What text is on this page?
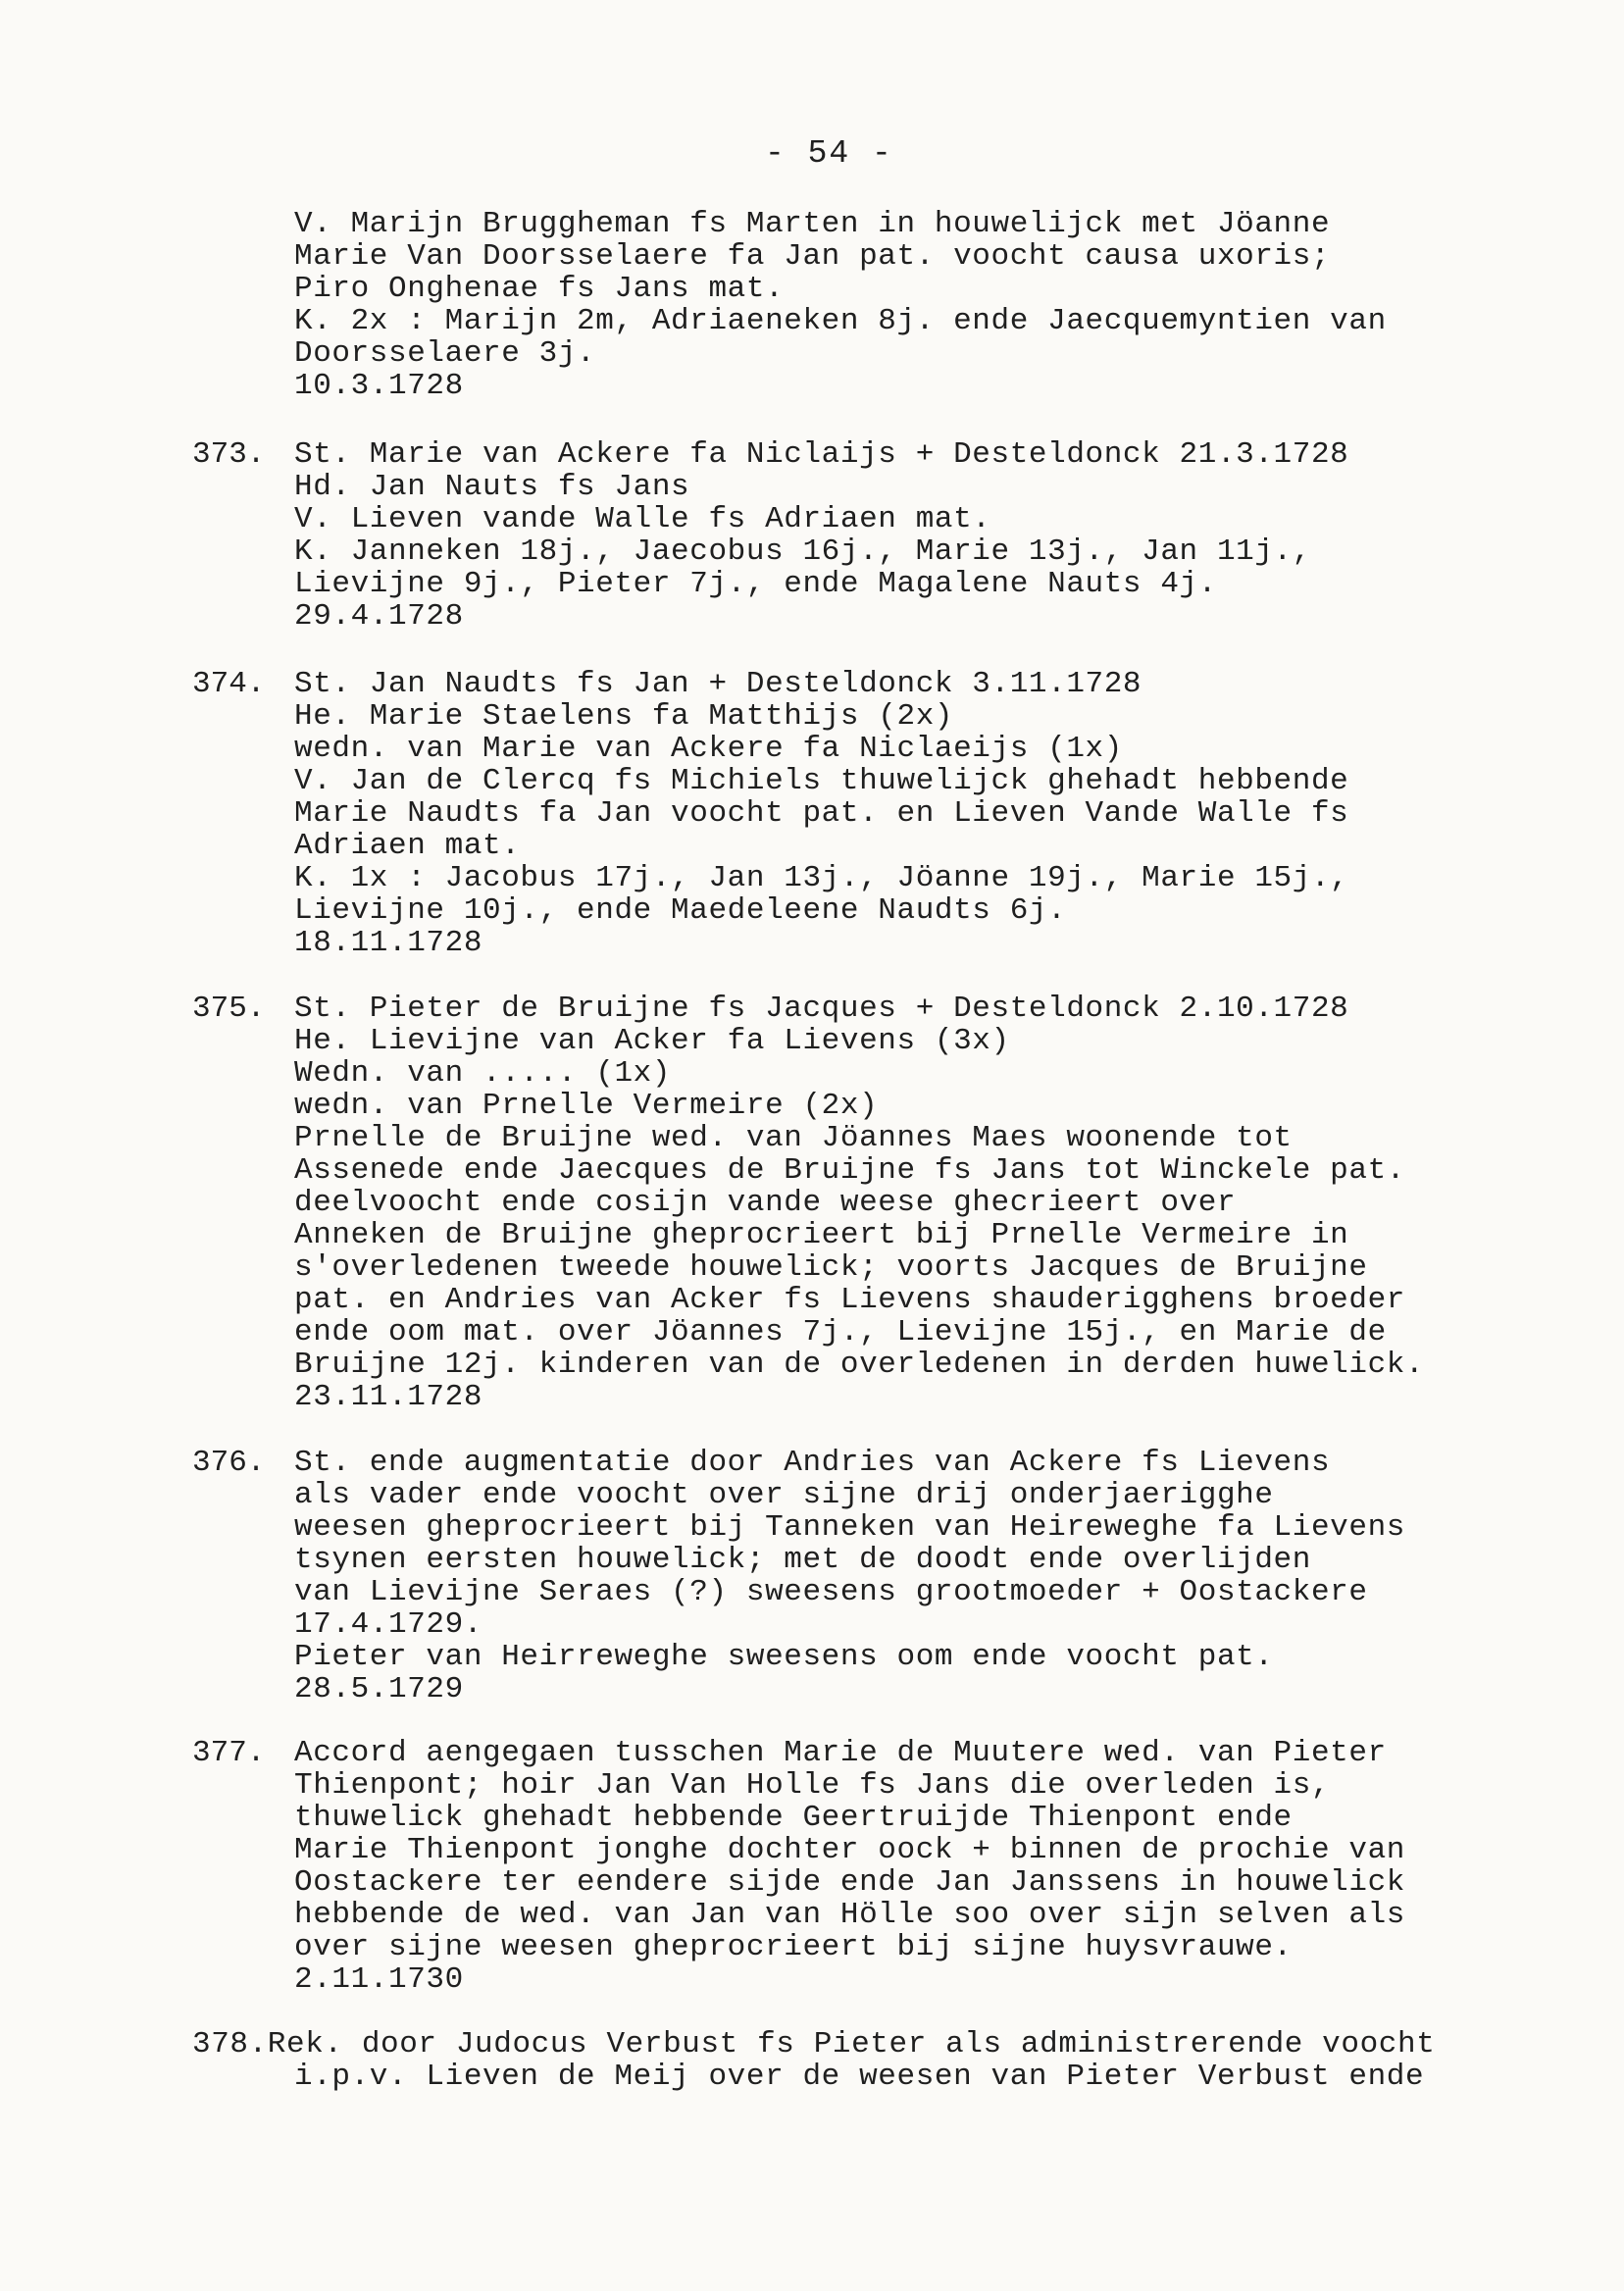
- 54 -
V. Marijn Bruggheman fs Marten in houwelijck met Jöanne
Marie Van Doorsselaere fa Jan pat. voocht causa uxoris;
Piro Onghenae fs Jans mat.
K. 2x : Marijn 2m, Adriaeneken 8j. ende Jaecquemyntien van
Doorsselaere 3j.
10.3.1728
373. St. Marie van Ackere fa Niclaijs + Desteldonck 21.3.1728
Hd. Jan Nauts fs Jans
V. Lieven vande Walle fs Adriaen mat.
K. Janneken 18j., Jaecobus 16j., Marie 13j., Jan 11j.,
Lievijne 9j., Pieter 7j., ende Magalene Nauts 4j.
29.4.1728
374. St. Jan Naudts fs Jan + Desteldonck 3.11.1728
He. Marie Staelens fa Matthijs (2x)
wedn. van Marie van Ackere fa Niclaeijs (1x)
V. Jan de Clercq fs Michiels thuwelijck ghehadt hebbende
Marie Naudts fa Jan voocht pat. en Lieven Vande Walle fs
Adriaen mat.
K. 1x : Jacobus 17j., Jan 13j., Jöanne 19j., Marie 15j.,
Lievijne 10j., ende Maedeleene Naudts 6j.
18.11.1728
375. St. Pieter de Bruijne fs Jacques + Desteldonck 2.10.1728
He. Lievijne van Acker fa Lievens (3x)
Wedn. van ..... (1x)
wedn. van Prnelle Vermeire (2x)
Prnelle de Bruijne wed. van Jöannes Maes woonende tot
Assenede ende Jaecques de Bruijne fs Jans tot Winckele pat.
deelvoocht ende cosijn vande weese ghecrieert over
Anneken de Bruijne gheprocrieert bij Prnelle Vermeire in
s'overledenen tweede houwelick; voorts Jacques de Bruijne
pat. en Andries van Acker fs Lievens shauderigghens broeder
ende oom mat. over Jöannes 7j., Lievijne 15j., en Marie de
Bruijne 12j. kinderen van de overledenen in derden huwelick.
23.11.1728
376. St. ende augmentatie door Andries van Ackere fs Lievens
als vader ende voocht over sijne drij onderjaerigghe
weesen gheprocrieert bij Tanneken van Heireweghe fa Lievens
tsynen eersten houwelick; met de doodt ende overlijden
van Lievijne Seraes (?) sweesens grootmoeder + Oostackere
17.4.1729.
Pieter van Heirreweghe sweesens oom ende voocht pat.
28.5.1729
377. Accord aengegaen tusschen Marie de Muutere wed. van Pieter
Thienpont; hoir Jan Van Holle fs Jans die overleden is,
thuwelick ghehadt hebbende Geertruijde Thienpont ende
Marie Thienpont jonghe dochter oock + binnen de prochie van
Oostackere ter eendere sijde ende Jan Janssens in houwelick
hebbende de wed. van Jan van Hölle soo over sijn selven als
over sijne weesen gheprocrieert bij sijne huysvrauwe.
2.11.1730
378.Rek. door Judocus Verbust fs Pieter als administrerende voocht
i.p.v. Lieven de Meij over de weesen van Pieter Verbust ende
